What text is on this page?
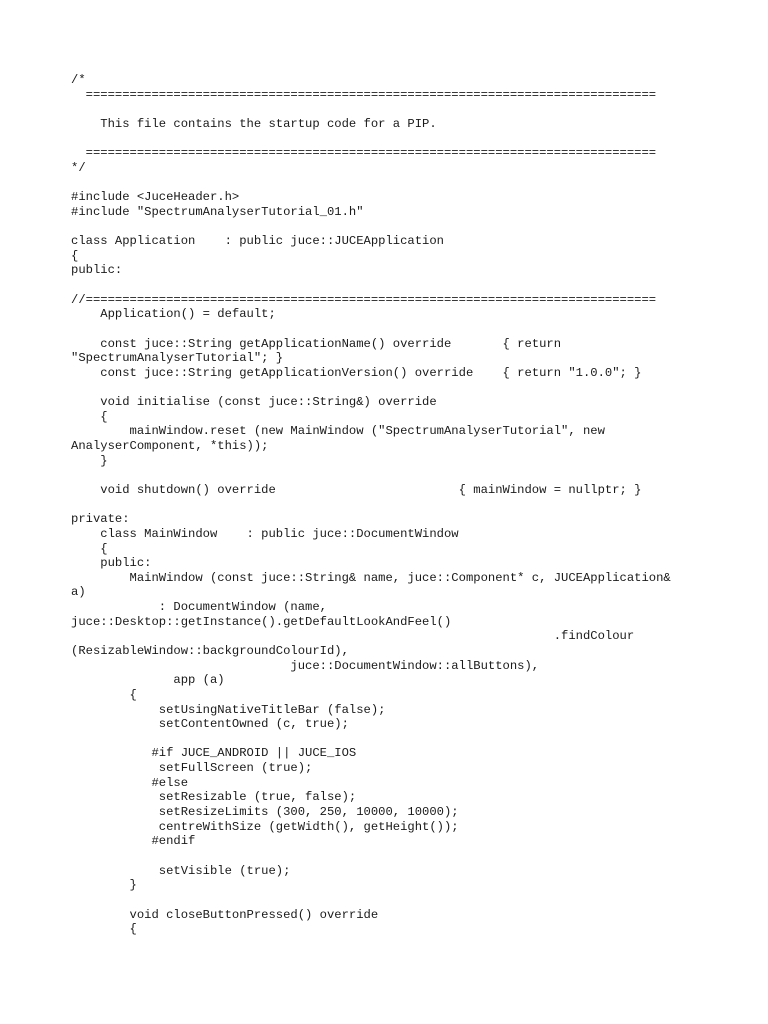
/*
==============================================================================
This file contains the startup code for a PIP.
==============================================================================
*/
#include <JuceHeader.h>
#include "SpectrumAnalyserTutorial_01.h"
class Application    : public juce::JUCEApplication
{
public:
//==============================================================================
Application() = default;
const juce::String getApplicationName() override       { return
"SpectrumAnalyserTutorial"; }
const juce::String getApplicationVersion() override    { return "1.0.0"; }
void initialise (const juce::String&) override
{
mainWindow.reset (new MainWindow ("SpectrumAnalyserTutorial", new
AnalyserComponent, *this));
}
void shutdown() override                         { mainWindow = nullptr; }
private:
class MainWindow    : public juce::DocumentWindow
{
public:
MainWindow (const juce::String& name, juce::Component* c, JUCEApplication&
a)
: DocumentWindow (name,
juce::Desktop::getInstance().getDefaultLookAndFeel()
.findColour
(ResizableWindow::backgroundColourId),
juce::DocumentWindow::allButtons),
app (a)
{
setUsingNativeTitleBar (false);
setContentOwned (c, true);
#if JUCE_ANDROID || JUCE_IOS
setFullScreen (true);
#else
setResizable (true, false);
setResizeLimits (300, 250, 10000, 10000);
centreWithSize (getWidth(), getHeight());
#endif
setVisible (true);
}
void closeButtonPressed() override
{
